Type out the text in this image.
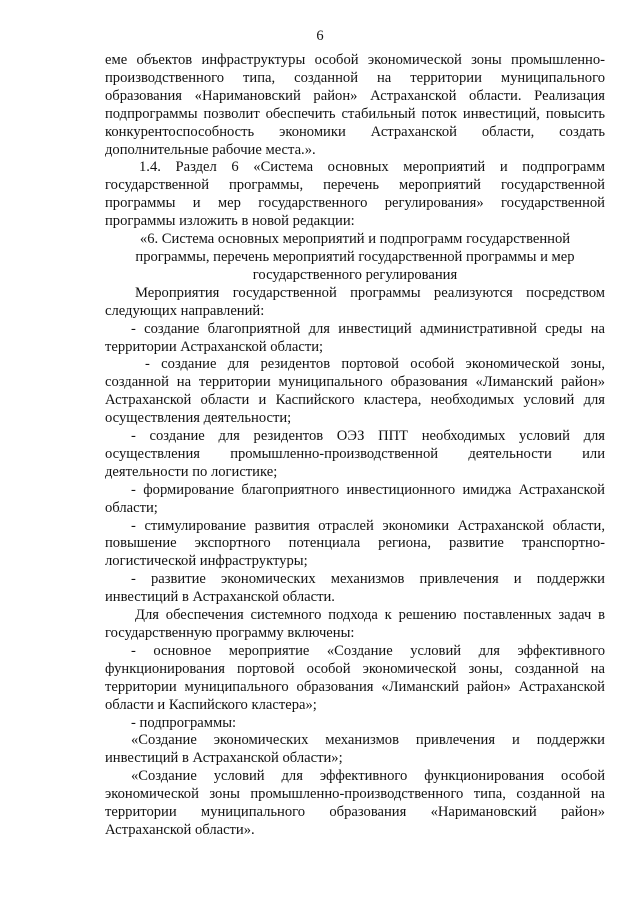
6

еме объектов инфраструктуры особой экономической зоны промышленно-производственного типа, созданной на территории муниципального образования «Наримановский район» Астраханской области. Реализация подпрограммы позволит обеспечить стабильный поток инвестиций, повысить конкурентоспособность экономики Астраханской области, создать дополнительные рабочие места.».

1.4. Раздел 6 «Система основных мероприятий и подпрограмм государственной программы, перечень мероприятий государственной программы и мер государственного регулирования» государственной программы изложить в новой редакции:

«6. Система основных мероприятий и подпрограмм государственной программы, перечень мероприятий государственной программы и мер государственного регулирования

Мероприятия государственной программы реализуются посредством следующих направлений:

- создание благоприятной для инвестиций административной среды на территории Астраханской области;

- создание для резидентов портовой особой экономической зоны, созданной на территории муниципального образования «Лиманский район» Астраханской области и Каспийского кластера, необходимых условий для осуществления деятельности;

- создание для резидентов ОЭЗ ППТ необходимых условий для осуществления промышленно-производственной деятельности или деятельности по логистике;

- формирование благоприятного инвестиционного имиджа Астраханской области;

- стимулирование развития отраслей экономики Астраханской области, повышение экспортного потенциала региона, развитие транспортно-логистической инфраструктуры;

- развитие экономических механизмов привлечения и поддержки инвестиций в Астраханской области.

Для обеспечения системного подхода к решению поставленных задач в государственную программу включены:

- основное мероприятие «Создание условий для эффективного функционирования портовой особой экономической зоны, созданной на территории муниципального образования «Лиманский район» Астраханской области и Каспийского кластера»;

- подпрограммы:

«Создание экономических механизмов привлечения и поддержки инвестиций в Астраханской области»;

«Создание условий для эффективного функционирования особой экономической зоны промышленно-производственного типа, созданной на территории муниципального образования «Наримановский район» Астраханской области».
